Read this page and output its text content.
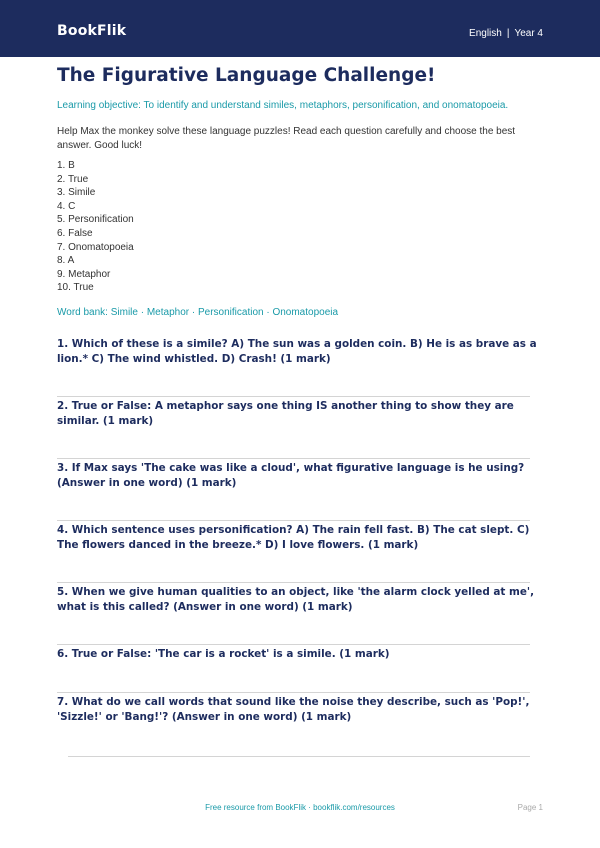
BookFlik	English | Year 4
The Figurative Language Challenge!
Learning objective: To identify and understand similes, metaphors, personification, and onomatopoeia.
Help Max the monkey solve these language puzzles! Read each question carefully and choose the best answer. Good luck!
1. B
2. True
3. Simile
4. C
5. Personification
6. False
7. Onomatopoeia
8. A
9. Metaphor
10. True
Word bank: Simile · Metaphor · Personification · Onomatopoeia
1. Which of these is a simile? A) The sun was a golden coin. B) He is as brave as a lion.* C) The wind whistled. D) Crash! (1 mark)
2. True or False: A metaphor says one thing IS another thing to show they are similar. (1 mark)
3. If Max says 'The cake was like a cloud', what figurative language is he using? (Answer in one word) (1 mark)
4. Which sentence uses personification? A) The rain fell fast. B) The cat slept. C) The flowers danced in the breeze.* D) I love flowers. (1 mark)
5. When we give human qualities to an object, like 'the alarm clock yelled at me', what is this called? (Answer in one word) (1 mark)
6. True or False: 'The car is a rocket' is a simile. (1 mark)
7. What do we call words that sound like the noise they describe, such as 'Pop!', 'Sizzle!' or 'Bang!'? (Answer in one word) (1 mark)
Free resource from BookFlik · bookflik.com/resources	Page 1
